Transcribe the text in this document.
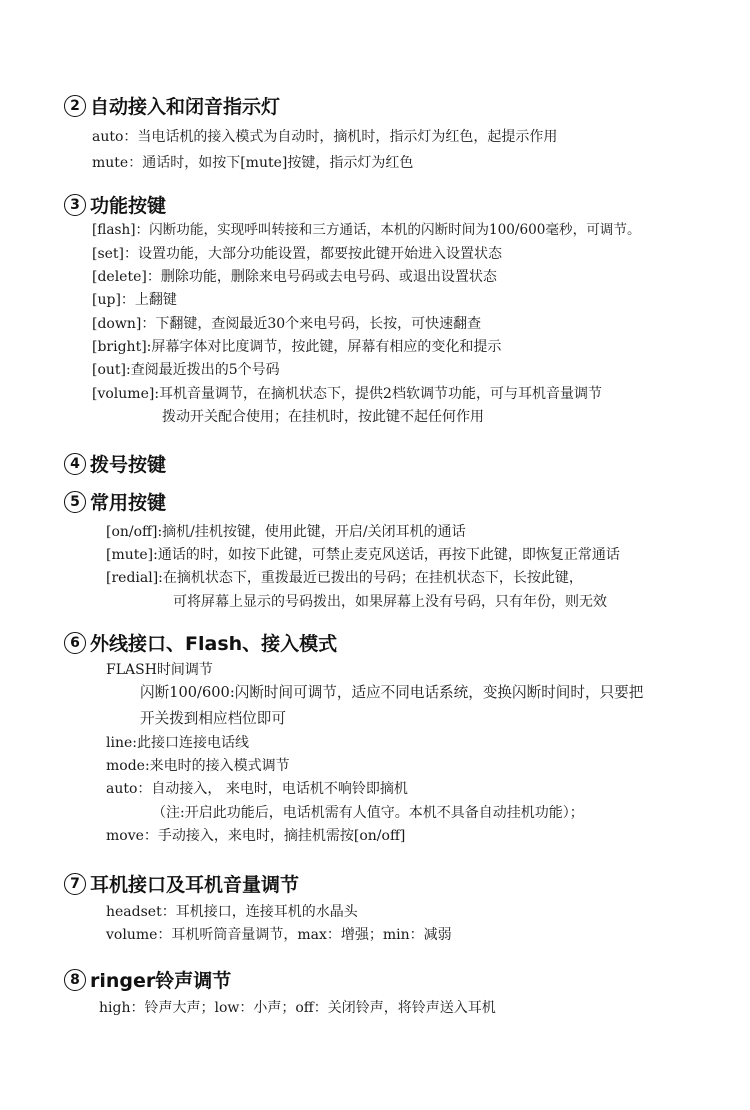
2 自动接入和闭音指示灯
auto：当电话机的接入模式为自动时，摘机时，指示灯为红色，起提示作用
mute：通话时，如按下[mute]按键，指示灯为红色
3 功能按键
[flash]：闪断功能，实现呼叫转接和三方通话，本机的闪断时间为100/600毫秒，可调节。
[set]：设置功能，大部分功能设置，都要按此键开始进入设置状态
[delete]：删除功能，删除来电号码或去电号码、或退出设置状态
[up]：上翻键
[down]：下翻键，查阅最近30个来电号码，长按，可快速翻查
[bright]:屏幕字体对比度调节，按此键，屏幕有相应的变化和提示
[out]:查阅最近拨出的5个号码
[volume]:耳机音量调节，在摘机状态下，提供2档软调节功能，可与耳机音量调节
拨动开关配合使用；在挂机时，按此键不起任何作用
4 拨号按键
5 常用按键
[on/off]:摘机/挂机按键，使用此键，开启/关闭耳机的通话
[mute]:通话的时，如按下此键，可禁止麦克风送话，再按下此键，即恢复正常通话
[redial]:在摘机状态下，重拨最近已拨出的号码；在挂机状态下，长按此键，
可将屏幕上显示的号码拨出，如果屏幕上没有号码，只有年份，则无效
6 外线接口、Flash、接入模式
FLASH时间调节
闪断100/600:闪断时间可调节，适应不同电话系统，变换闪断时间时，只要把
开关拨到相应档位即可
line:此接口连接电话线
mode:来电时的接入模式调节
auto：自动接入， 来电时，电话机不响铃即摘机
（注:开启此功能后，电话机需有人值守。本机不具备自动挂机功能）；
move：手动接入，来电时，摘挂机需按[on/off]
7 耳机接口及耳机音量调节
headset：耳机接口，连接耳机的水晶头
volume：耳机听筒音量调节，max：增强；min：减弱
8 ringer铃声调节
high：铃声大声；low：小声；off：关闭铃声，将铃声送入耳机
